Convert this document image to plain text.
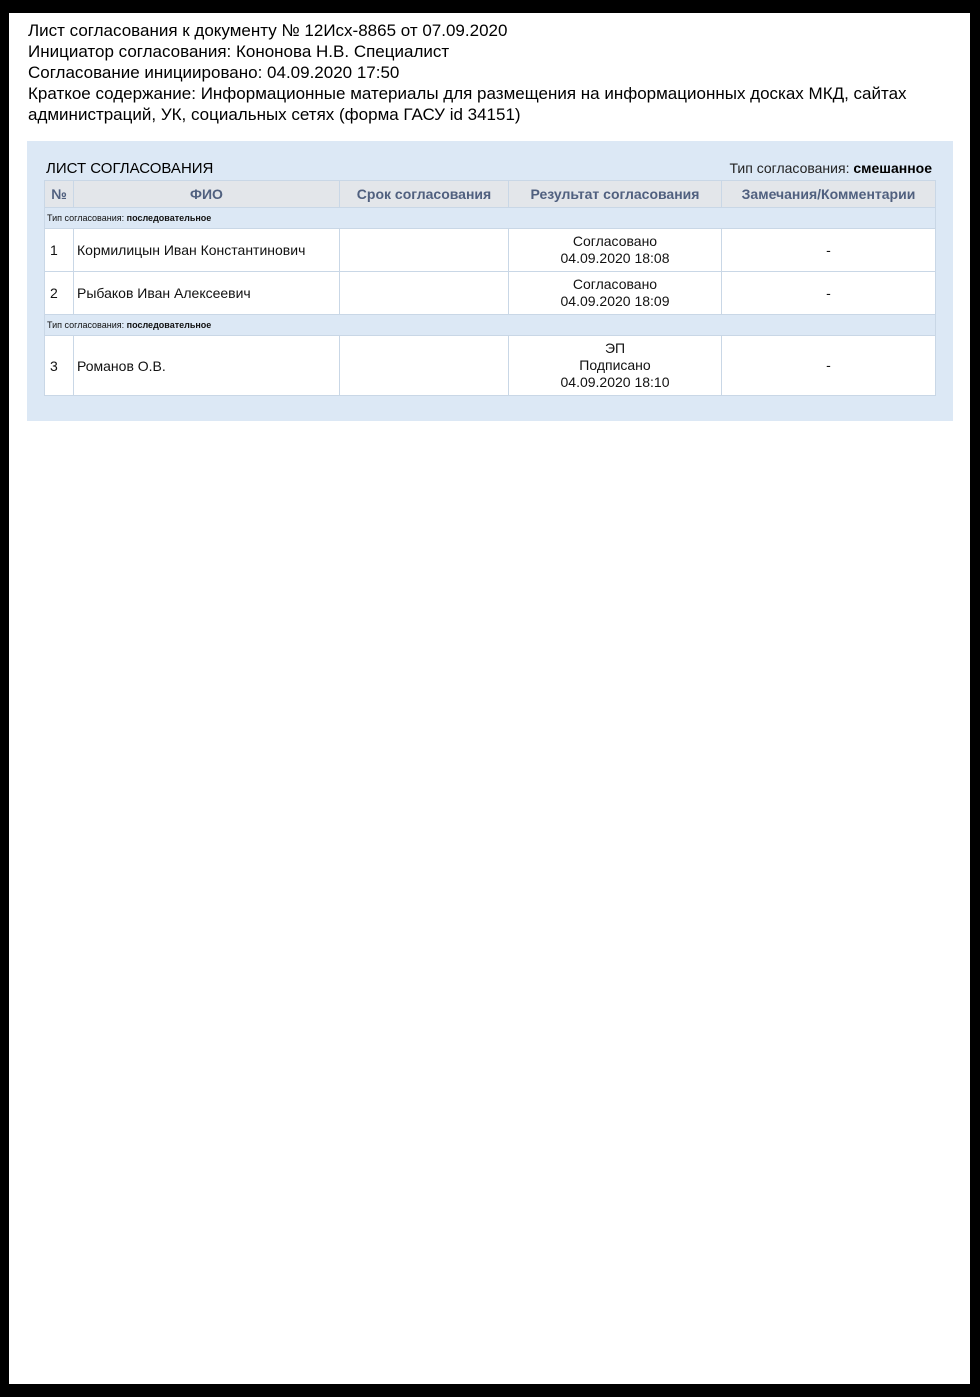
Лист согласования к документу № 12Исх-8865 от 07.09.2020
Инициатор согласования: Кононова Н.В. Специалист
Согласование инициировано: 04.09.2020 17:50
Краткое содержание: Информационные материалы для размещения на информационных досках МКД, сайтах администраций, УК, социальных сетях (форма ГАСУ id 34151)
ЛИСТ СОГЛАСОВАНИЯ	Тип согласования: смешанное
№	ФИО	Срок согласования	Результат согласования	Замечания/Комментарии
Тип согласования: последовательное				
1	Кормилицын Иван Константинович		Согласовано
04.09.2020 18:08	-
2	Рыбаков Иван Алексеевич		Согласовано
04.09.2020 18:09	-
Тип согласования: последовательное				
3	Романов О.В.		ЭП
Подписано
04.09.2020 18:10	-
